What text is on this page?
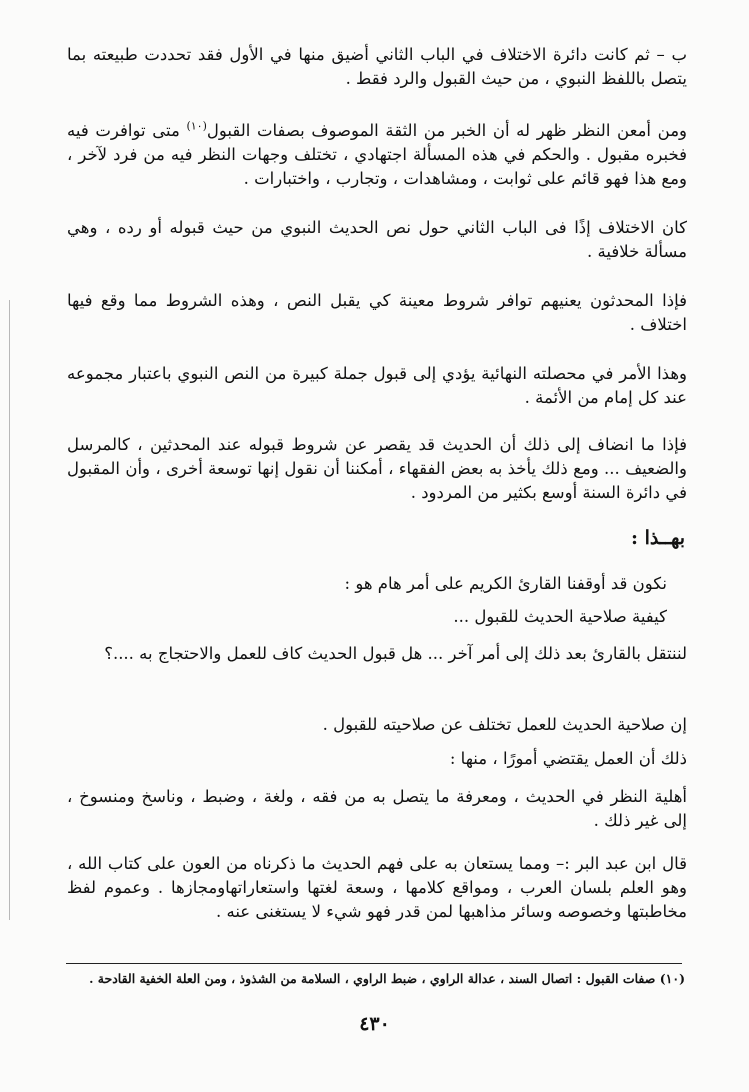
ب – ثم كانت دائرة الاختلاف في الباب الثاني أضيق منها في الأول فقد تحددت طبيعته بما يتصل باللفظ النبوي ، من حيث القبول والرد فقط .

ومن أمعن النظر ظهر له أن الخبر من الثقة الموصوف بصفات القبول$^{(١٠)}$ متى توافرت فيه فخبره مقبول . والحكم في هذه المسألة اجتهادي ، تختلف وجهات النظر فيه من فرد لآخر ، ومع هذا فهو قائم على ثوابت ، ومشاهدات ، وتجارب ، واختبارات .

كان الاختلاف إذًا فى الباب الثاني حول نص الحديث النبوي من حيث قبوله أو رده ، وهي مسألة خلافية .

فإذا المحدثون يعنيهم توافر شروط معينة كي يقبل النص ، وهذه الشروط مما وقع فيها اختلاف .

وهذا الأمر في محصلته النهائية يؤدي إلى قبول جملة كبيرة من النص النبوي باعتبار مجموعه عند كل إمام من الأئمة .

فإذا ما انضاف إلى ذلك أن الحديث قد يقصر عن شروط قبوله عند المحدثين ، كالمرسل والضعيف ... ومع ذلك يأخذ به بعض الفقهاء ، أمكننا أن نقول إنها توسعة أخرى ، وأن المقبول في دائرة السنة أوسع بكثير من المردود .

بهــذا :

نكون قد أوقفنا القارئ الكريم على أمر هام هو :

كيفية صلاحية الحديث للقبول ...

لننتقل بالقارئ بعد ذلك إلى أمر آخر ... هل قبول الحديث كاف للعمل والاحتجاج به ....؟

إن صلاحية الحديث للعمل تختلف عن صلاحيته للقبول .

ذلك أن العمل يقتضي أمورًا ، منها :

أهلية النظر في الحديث ، ومعرفة ما يتصل به من فقه ، ولغة ، وضبط ، وناسخ ومنسوخ ، إلى غير ذلك .

قال ابن عبد البر :– ومما يستعان به على فهم الحديث ما ذكرناه من العون على كتاب الله ، وهو العلم بلسان العرب ، ومواقع كلامها ، وسعة لغتها واستعاراتهاومجازها . وعموم لفظ مخاطبتها وخصوصه وسائر مذاهبها لمن قدر فهو شيء لا يستغنى عنه .

(١٠) صفات القبول : اتصال السند ، عدالة الراوي ، ضبط الراوي ، السلامة من الشذوذ ، ومن العلة الخفية القادحة .
٤٣٠
